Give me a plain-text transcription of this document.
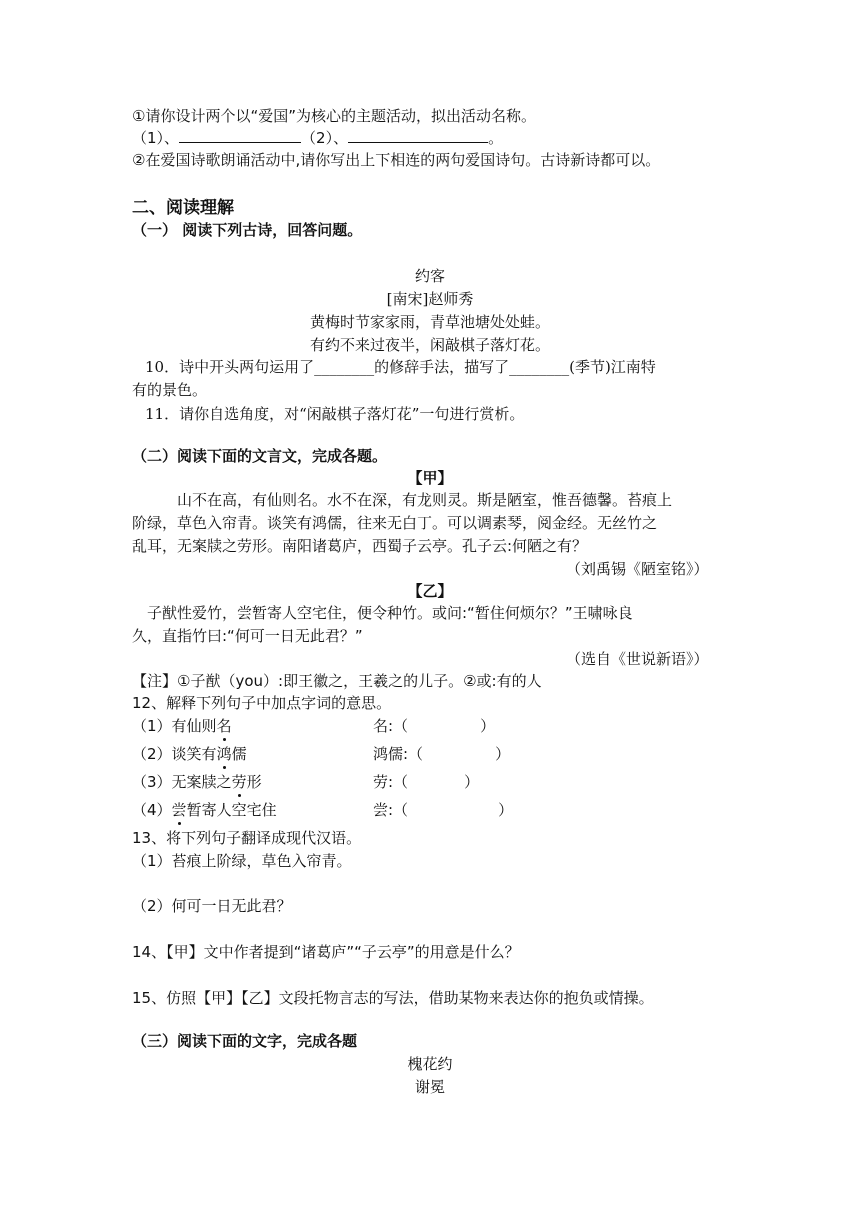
①请你设计两个以“爱国”为核心的主题活动，拟出活动名称。
（1）、	（2）、	。
②在爱国诗歌朗诵活动中,请你写出上下相连的两句爱国诗句。古诗新诗都可以。
二、阅读理解
（一） 阅读下列古诗，回答问题。
约客
[南宋]赵师秀
黄梅时节家家雨，青草池塘处处蛙。
有约不来过夜半，闲敲棋子落灯花。
10．诗中开头两句运用了________的修辞手法，描写了________(季节)江南特
有的景色。
11．请你自选角度，对“闲敲棋子落灯花”一句进行赏析。
（二）阅读下面的文言文，完成各题。
【甲】
山不在高，有仙则名。水不在深，有龙则灵。斯是陋室，惟吾德馨。苔痕上
阶绿，草色入帘青。谈笑有鸿儒，往来无白丁。可以调素琴，阅金经。无丝竹之
乱耳，无案牍之劳形。南阳诸葛庐，西蜀子云亭。孔子云:何陋之有？
（刘禹锡《陋室铭》）
【乙】
子猷性爱竹，尝暂寄人空宅住，便令种竹。或问:“暂住何烦尔？”王啸咏良
久，直指竹曰:“何可一日无此君？”
（选自《世说新语》）
【注】①子猷（you）:即王徽之，王羲之的儿子。②或:有的人
12、解释下列句子中加点字词的意思。
（1）有仙则名	名:（	）
（2）谈笑有鸿儒	鸿儒:（	）
（3）无案牍之劳形	劳:（	）
（4）尝暂寄人空宅住	尝:（	）
13、将下列句子翻译成现代汉语。
（1）苔痕上阶绿，草色入帘青。
（2）何可一日无此君？
14、【甲】文中作者提到“诸葛庐”“子云亭”的用意是什么？
15、仿照【甲】【乙】文段托物言志的写法，借助某物来表达你的抱负或情操。
（三）阅读下面的文字，完成各题
槐花约
谢冕
